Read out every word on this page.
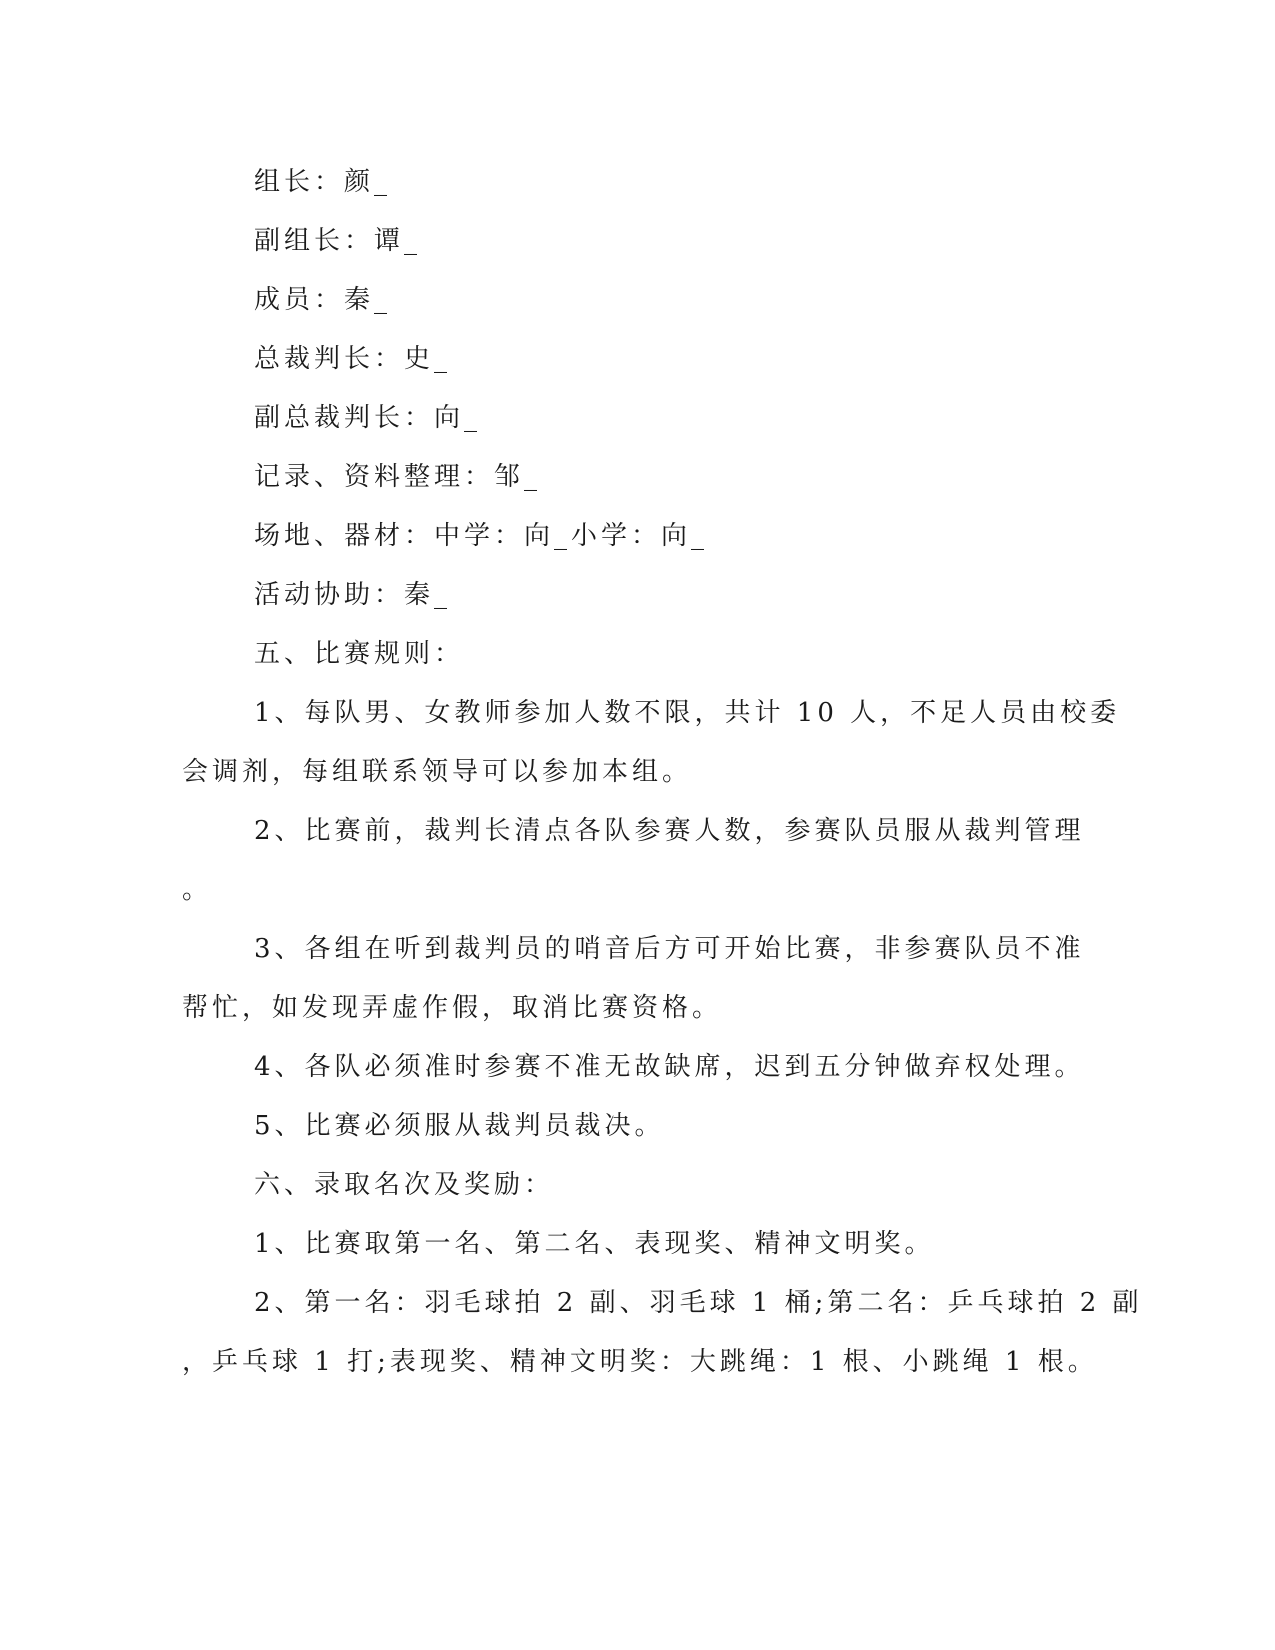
组长：颜_

副组长：谭_

成员：秦_

总裁判长：史_

副总裁判长：向_

记录、资料整理：邹_

场地、器材：中学：向_小学：向_

活动协助：秦_

五、比赛规则：

1、每队男、女教师参加人数不限，共计 10 人，不足人员由校委

会调剂，每组联系领导可以参加本组。

2、比赛前，裁判长清点各队参赛人数，参赛队员服从裁判管理

。

3、各组在听到裁判员的哨音后方可开始比赛，非参赛队员不准

帮忙，如发现弄虚作假，取消比赛资格。

4、各队必须准时参赛不准无故缺席，迟到五分钟做弃权处理。

5、比赛必须服从裁判员裁决。

六、录取名次及奖励：

1、比赛取第一名、第二名、表现奖、精神文明奖。

2、第一名：羽毛球拍 2 副、羽毛球 1 桶;第二名：乒乓球拍 2 副

，乒乓球 1 打;表现奖、精神文明奖：大跳绳：1 根、小跳绳 1 根。
